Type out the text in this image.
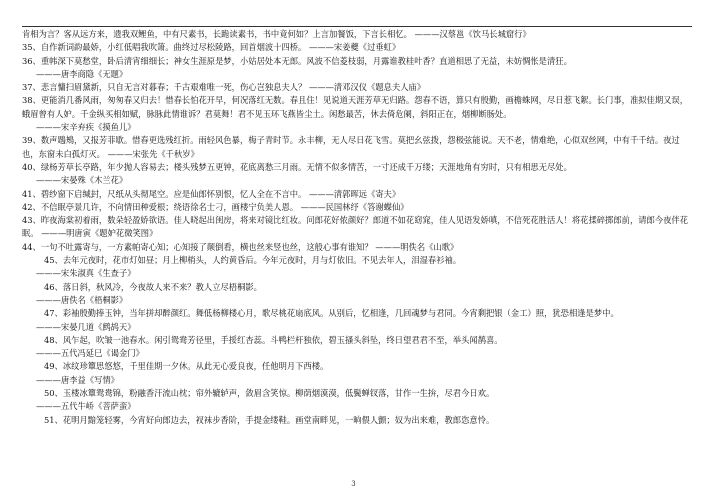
肯相为言？客从远方来，遗我双鲤鱼，中有尺素书，长跪读素书，书中竟何如？上言加餐饭，下言长相忆。 ———汉蔡邕《饮马长城窟行》
35、自作新词韵最娇，小红低唱我吹箫。曲终过尽松陵路，回首烟波十四桥。 ———宋姜夔《过垂虹》
36、重帏深下莫愁堂，卧后清宵细细长；神女生涯原是梦，小姑居处本无郎。风波不信菱枝弱，月露谁教桂叶香？直道相思了无益，未妨惆怅是清狂。
———唐李商隐《无题》
37、悲言慵扫眉黛新，只自无言对暮春；千古艰难唯一死，伤心岂独息夫人？ ———清邓汉仪《题息夫人庙》
38、更能消几番风雨，匆匆春又归去！惜春长怕花开早，何况落红无数。春且住！见说道天涯芳草无归路。怨春不语，算只有殷勤，画檐蛛网，尽日惹飞絮。长门事，准拟佳期又误，蛾眉曾有人妒。千金纵买相如赋，脉脉此情谁诉？君莫舞！君不见玉环飞燕皆尘土。闲愁最苦，休去倚危阑，斜阳正在，烟柳断肠处。
———宋辛弃疾《摸鱼儿》
39、数声鶗鴂，又报芳菲歇。惜春更选残红折。雨轻风色暴，梅子青时节。永丰柳，无人尽日花飞雪。莫把幺弦拨，怨极弦能说。天不老，情难绝，心似双丝网，中有千千结。夜过也，东窗未白孤灯灭。 ———宋张先《千秋岁》
40、绿杨芳草长亭路，年少抛人容易去；楼头残梦五更钟，花底离愁三月雨。无情不似多情苦，一寸还成千万缕；天涯地角有穷时，只有相思无尽处。
———宋晏殊《木兰花》
41、碧纱窗下启缄封，尺纸从头彻尾空。应是仙郎怀别恨，忆人全在不言中。 ———清郭晖远《寄夫》
42、不信眠亭景几许，不向情田种爱根；绕语徐名士刁，画楼宁负美人恩。 ———民国林纾《答谢蝶仙》
43、昨夜海棠初着雨，数朵轻盈娇欲语。佳人晓起出闺房，将来对镜比红妆。问郎花好侬颜好？郎道不如花窈窕，佳人见语发娇嗔，不信死花胜活人！将花揉碎掷郎前，请郎今夜伴花眠。 ———明唐寅《题妒花微笑图》
44、一句不吐露寄与，一方素帕寄心知；心知接了颠倒看，横也丝来竖也丝，这般心事有谁知？ ———明佚名《山歌》
45、去年元夜时，花市灯如昼；月上柳梢头，人约黄昏后。今年元夜时，月与灯依旧。不见去年人，泪湿春衫袖。
———宋朱淑真《生查子》
46、落日斜，秋风冷，今夜故人来不来？教人立尽梧桐影。
———唐佚名《梧桐影》
47、彩袖殷勤捧玉钟，当年拼却醉颜红。舞低杨柳楼心月，歌尽桃花扇底风。从别后，忆相逢，几回魂梦与君同。今宵剩把银（金工）照，犹恐相逢是梦中。
———宋晏几道《鹧鸪天》
48、风乍起，吹皱一池春水。闲引鸳鸯芳径里，手挼红杏蕊。斗鸭栏杆独依，碧玉搔头斜坠，终日望君君不至，举头闻鹊喜。
———五代冯延巳《谒金门》
49、冰纹珍簟思悠悠，千里佳期一夕休。从此无心爱良夜，任他明月下西楼。
———唐李益《写情》
50、玉楼冰簟鸳鸯锦，粉融香汗流山枕；帘外辘轳声，敛眉含笑惊。柳荫烟漠漠，低鬓蝉钗落，甘作一生拚，尽君今日欢。
———五代牛峤《菩萨蛮》
51、花明月黯笼轻雾，今宵好向郎边去，衩袜步香阶，手提金缕鞋。画堂南畔见，一晌偎人颤；奴为出来难，教郎恣意怜。
3
